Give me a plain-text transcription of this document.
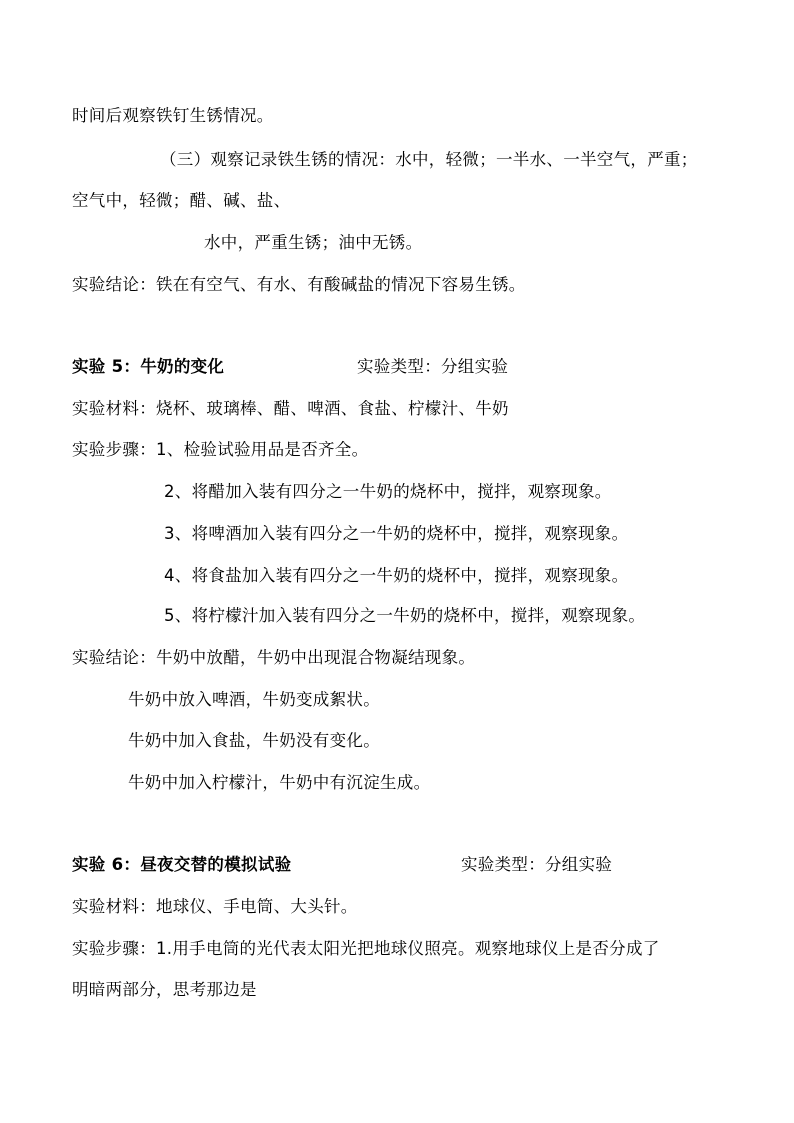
时间后观察铁钉生锈情况。
（三）观察记录铁生锈的情况：水中，轻微；一半水、一半空气，严重；
空气中，轻微；醋、碱、盐、
水中，严重生锈；油中无锈。
实验结论：铁在有空气、有水、有酸碱盐的情况下容易生锈。
实验 5：牛奶的变化	实验类型：分组实验
实验材料：烧杯、玻璃棒、醋、啤酒、食盐、柠檬汁、牛奶
实验步骤：1、检验试验用品是否齐全。
2、将醋加入装有四分之一牛奶的烧杯中，搅拌，观察现象。
3、将啤酒加入装有四分之一牛奶的烧杯中，搅拌，观察现象。
4、将食盐加入装有四分之一牛奶的烧杯中，搅拌，观察现象。
5、将柠檬汁加入装有四分之一牛奶的烧杯中，搅拌，观察现象。
实验结论：牛奶中放醋，牛奶中出现混合物凝结现象。
牛奶中放入啤酒，牛奶变成絮状。
牛奶中加入食盐，牛奶没有变化。
牛奶中加入柠檬汁，牛奶中有沉淀生成。
实验 6：昼夜交替的模拟试验	实验类型：分组实验
实验材料：地球仪、手电筒、大头针。
实验步骤：1.用手电筒的光代表太阳光把地球仪照亮。观察地球仪上是否分成了
明暗两部分，思考那边是
